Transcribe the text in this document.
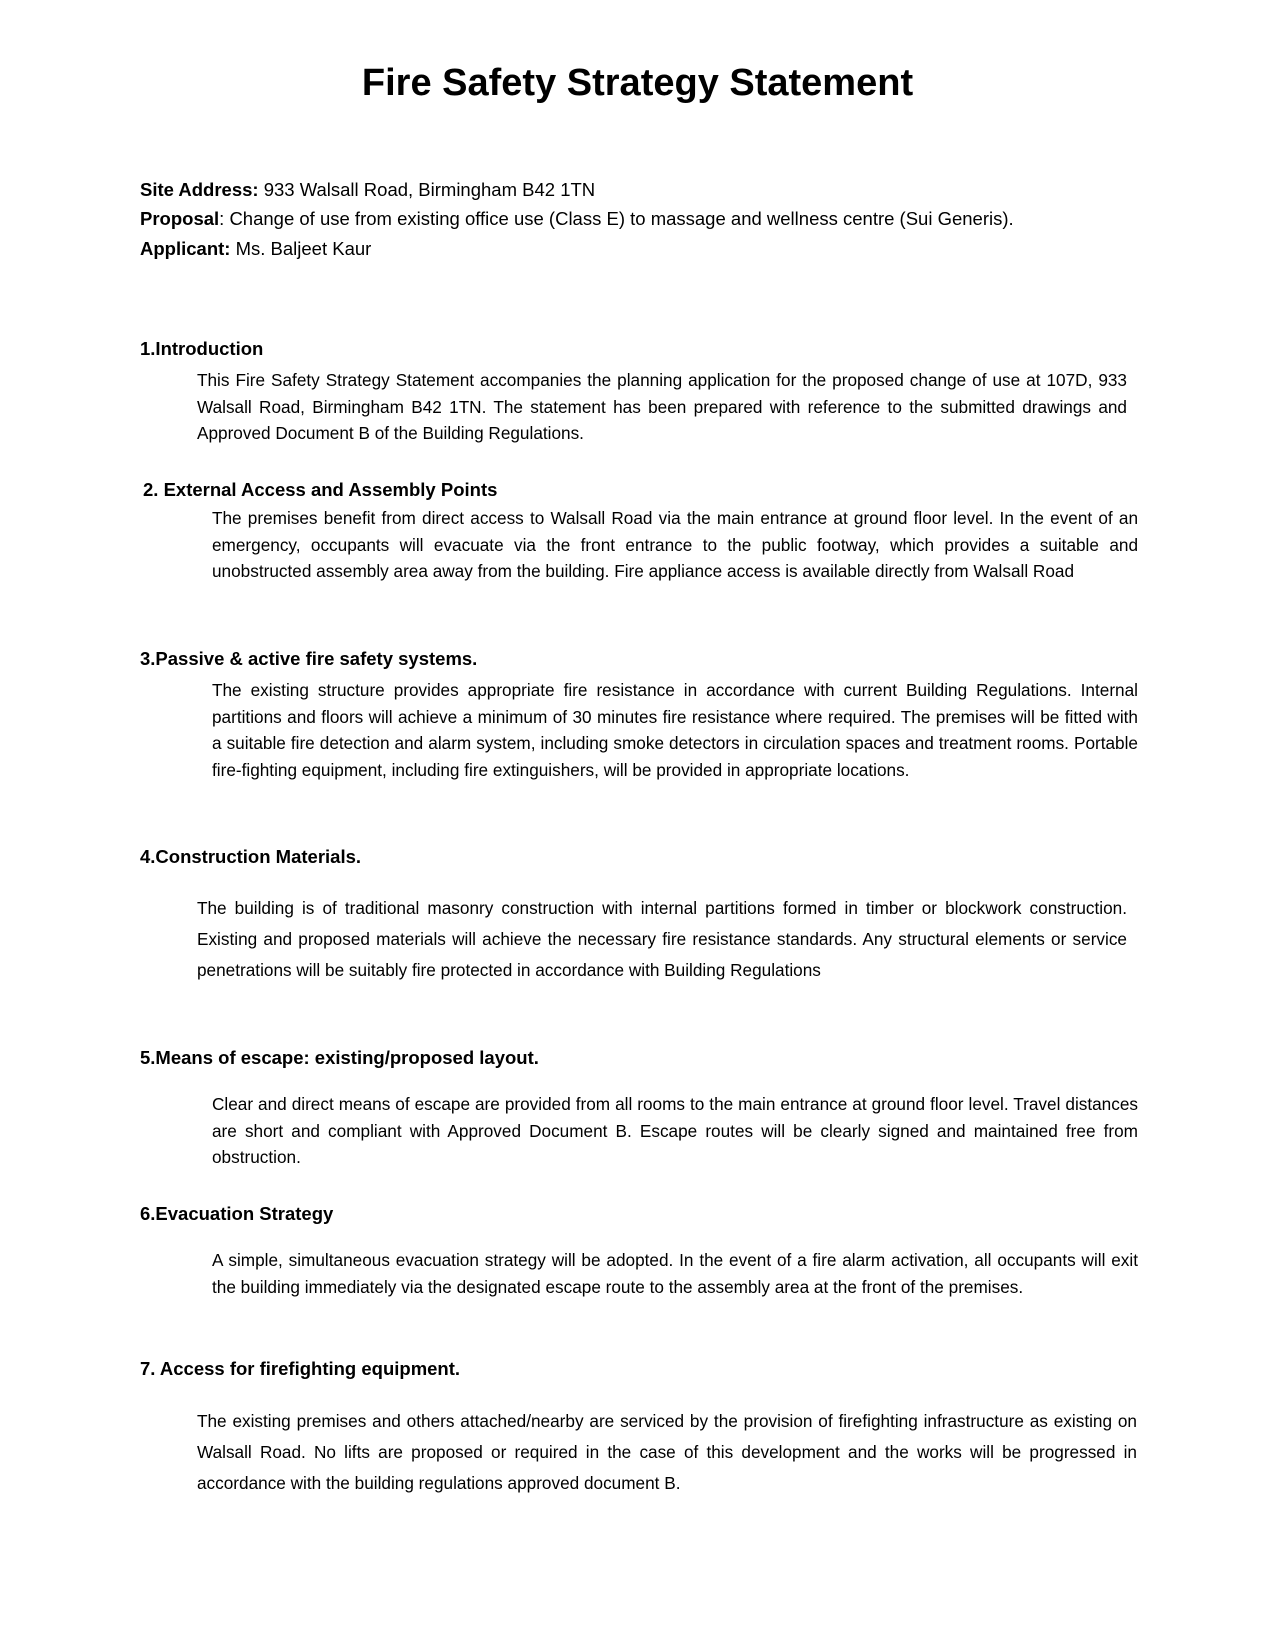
Fire Safety Strategy Statement
Site Address: 933 Walsall Road, Birmingham B42 1TN
Proposal: Change of use from existing office use (Class E) to massage and wellness centre (Sui Generis).
Applicant: Ms. Baljeet Kaur
1.Introduction
This Fire Safety Strategy Statement accompanies the planning application for the proposed change of use at 107D, 933 Walsall Road, Birmingham B42 1TN. The statement has been prepared with reference to the submitted drawings and Approved Document B of the Building Regulations.
2. External Access and Assembly Points
The premises benefit from direct access to Walsall Road via the main entrance at ground floor level. In the event of an emergency, occupants will evacuate via the front entrance to the public footway, which provides a suitable and unobstructed assembly area away from the building. Fire appliance access is available directly from Walsall Road
3.Passive & active fire safety systems.
The existing structure provides appropriate fire resistance in accordance with current Building Regulations. Internal partitions and floors will achieve a minimum of 30 minutes fire resistance where required. The premises will be fitted with a suitable fire detection and alarm system, including smoke detectors in circulation spaces and treatment rooms. Portable fire-fighting equipment, including fire extinguishers, will be provided in appropriate locations.
4.Construction Materials.
The building is of traditional masonry construction with internal partitions formed in timber or blockwork construction. Existing and proposed materials will achieve the necessary fire resistance standards. Any structural elements or service penetrations will be suitably fire protected in accordance with Building Regulations
5.Means of escape: existing/proposed layout.
Clear and direct means of escape are provided from all rooms to the main entrance at ground floor level. Travel distances are short and compliant with Approved Document B. Escape routes will be clearly signed and maintained free from obstruction.
6.Evacuation Strategy
A simple, simultaneous evacuation strategy will be adopted. In the event of a fire alarm activation, all occupants will exit the building immediately via the designated escape route to the assembly area at the front of the premises.
7. Access for firefighting equipment.
The existing premises and others attached/nearby are serviced by the provision of firefighting infrastructure as existing on Walsall Road. No lifts are proposed or required in the case of this development and the works will be progressed in accordance with the building regulations approved document B.
